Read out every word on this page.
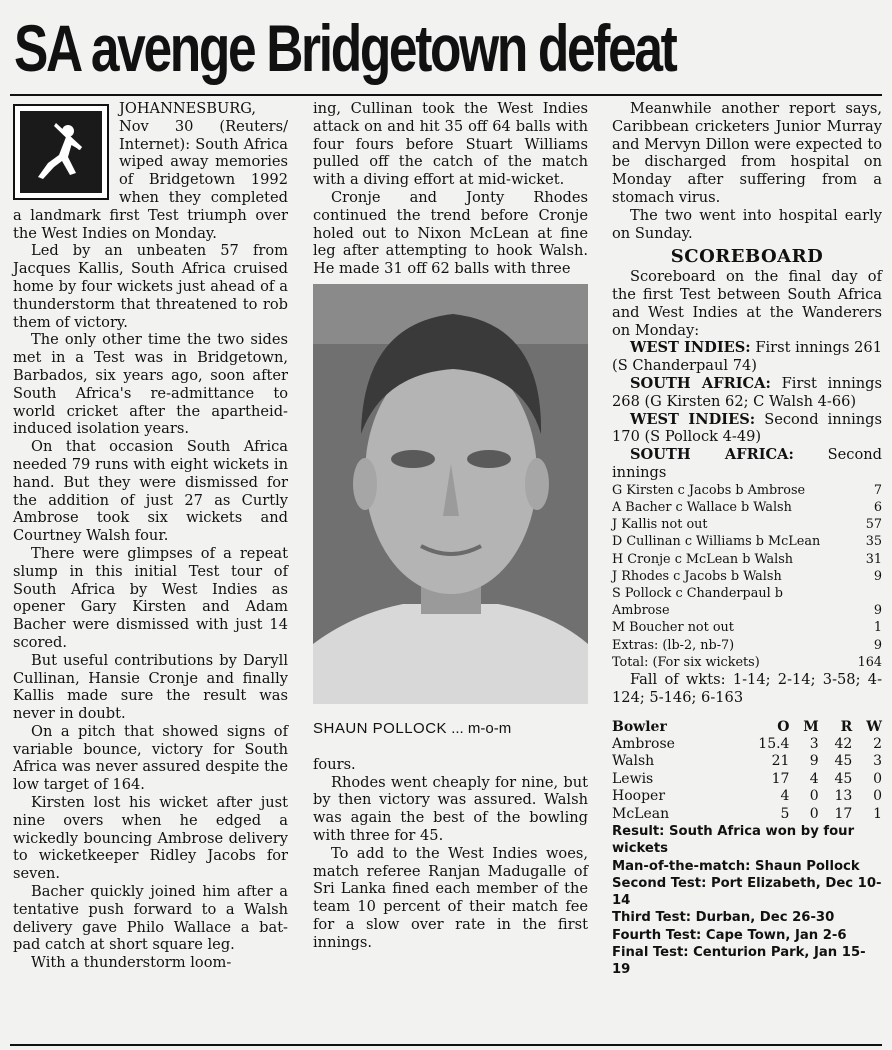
SA avenge Bridgetown defeat

JOHANNESBURG, Nov 30 (Reuters/ Internet): South Africa wiped away memories of Bridgetown 1992 when they completed a landmark first Test triumph over the West Indies on Monday.

Led by an unbeaten 57 from Jacques Kallis, South Africa cruised home by four wickets just ahead of a thunderstorm that threatened to rob them of victory.

The only other time the two sides met in a Test was in Bridgetown, Barbados, six years ago, soon after South Africa's re-admittance to world cricket after the apartheid-induced isolation years.

On that occasion South Africa needed 79 runs with eight wickets in hand. But they were dismissed for the addition of just 27 as Curtly Ambrose took six wickets and Courtney Walsh four.

There were glimpses of a repeat slump in this initial Test tour of South Africa by West Indies as opener Gary Kirsten and Adam Bacher were dismissed with just 14 scored.

But useful contributions by Daryll Cullinan, Hansie Cronje and finally Kallis made sure the result was never in doubt.

On a pitch that showed signs of variable bounce, victory for South Africa was never assured despite the low target of 164.

Kirsten lost his wicket after just nine overs when he edged a wickedly bouncing Ambrose delivery to wicketkeeper Ridley Jacobs for seven.

Bacher quickly joined him after a tentative push forward to a Walsh delivery gave Philo Wallace a bat-pad catch at short square leg.

With a thunderstorm loom-

ing, Cullinan took the West Indies attack on and hit 35 off 64 balls with four fours before Stuart Williams pulled off the catch of the match with a diving effort at mid-wicket.

Cronje and Jonty Rhodes continued the trend before Cronje holed out to Nixon McLean at fine leg after attempting to hook Walsh. He made 31 off 62 balls with three

SHAUN POLLOCK ... m-o-m

fours.

Rhodes went cheaply for nine, but by then victory was assured. Walsh was again the best of the bowling with three for 45.

To add to the West Indies woes, match referee Ranjan Madugalle of Sri Lanka fined each member of the team 10 percent of their match fee for a slow over rate in the first innings.

Meanwhile another report says, Caribbean cricketers Junior Murray and Mervyn Dillon were expected to be discharged from hospital on Monday after suffering from a stomach virus.

The two went into hospital early on Sunday.

SCOREBOARD

Scoreboard on the final day of the first Test between South Africa and West Indies at the Wanderers on Monday:

WEST INDIES: First innings 261 (S Chanderpaul 74)

SOUTH AFRICA: First innings 268 (G Kirsten 62; C Walsh 4-66)

WEST INDIES: Second innings 170 (S Pollock 4-49)

SOUTH AFRICA: Second innings

G Kirsten c Jacobs b Ambrose	7
A Bacher c Wallace b Walsh	6
J Kallis not out	57
D Cullinan c Williams b McLean	35
H Cronje c McLean b Walsh	31
J Rhodes c Jacobs b Walsh	9
S Pollock c Chanderpaul b
Ambrose	9
M Boucher not out	1
Extras: (lb-2, nb-7)	9
Total: (For six wickets)	164

Fall of wkts: 1-14; 2-14; 3-58; 4-124; 5-146; 6-163

Bowler	O	M	R	W
Ambrose	15.4	3	42	2
Walsh	21	9	45	3
Lewis	17	4	45	0
Hooper	4	0	13	0
McLean	5	0	17	1
Result: South Africa won by four wickets
Man-of-the-match: Shaun Pollock
Second Test: Port Elizabeth, Dec 10-14
Third Test: Durban, Dec 26-30
Fourth Test: Cape Town, Jan 2-6
Final Test: Centurion Park, Jan 15-19
